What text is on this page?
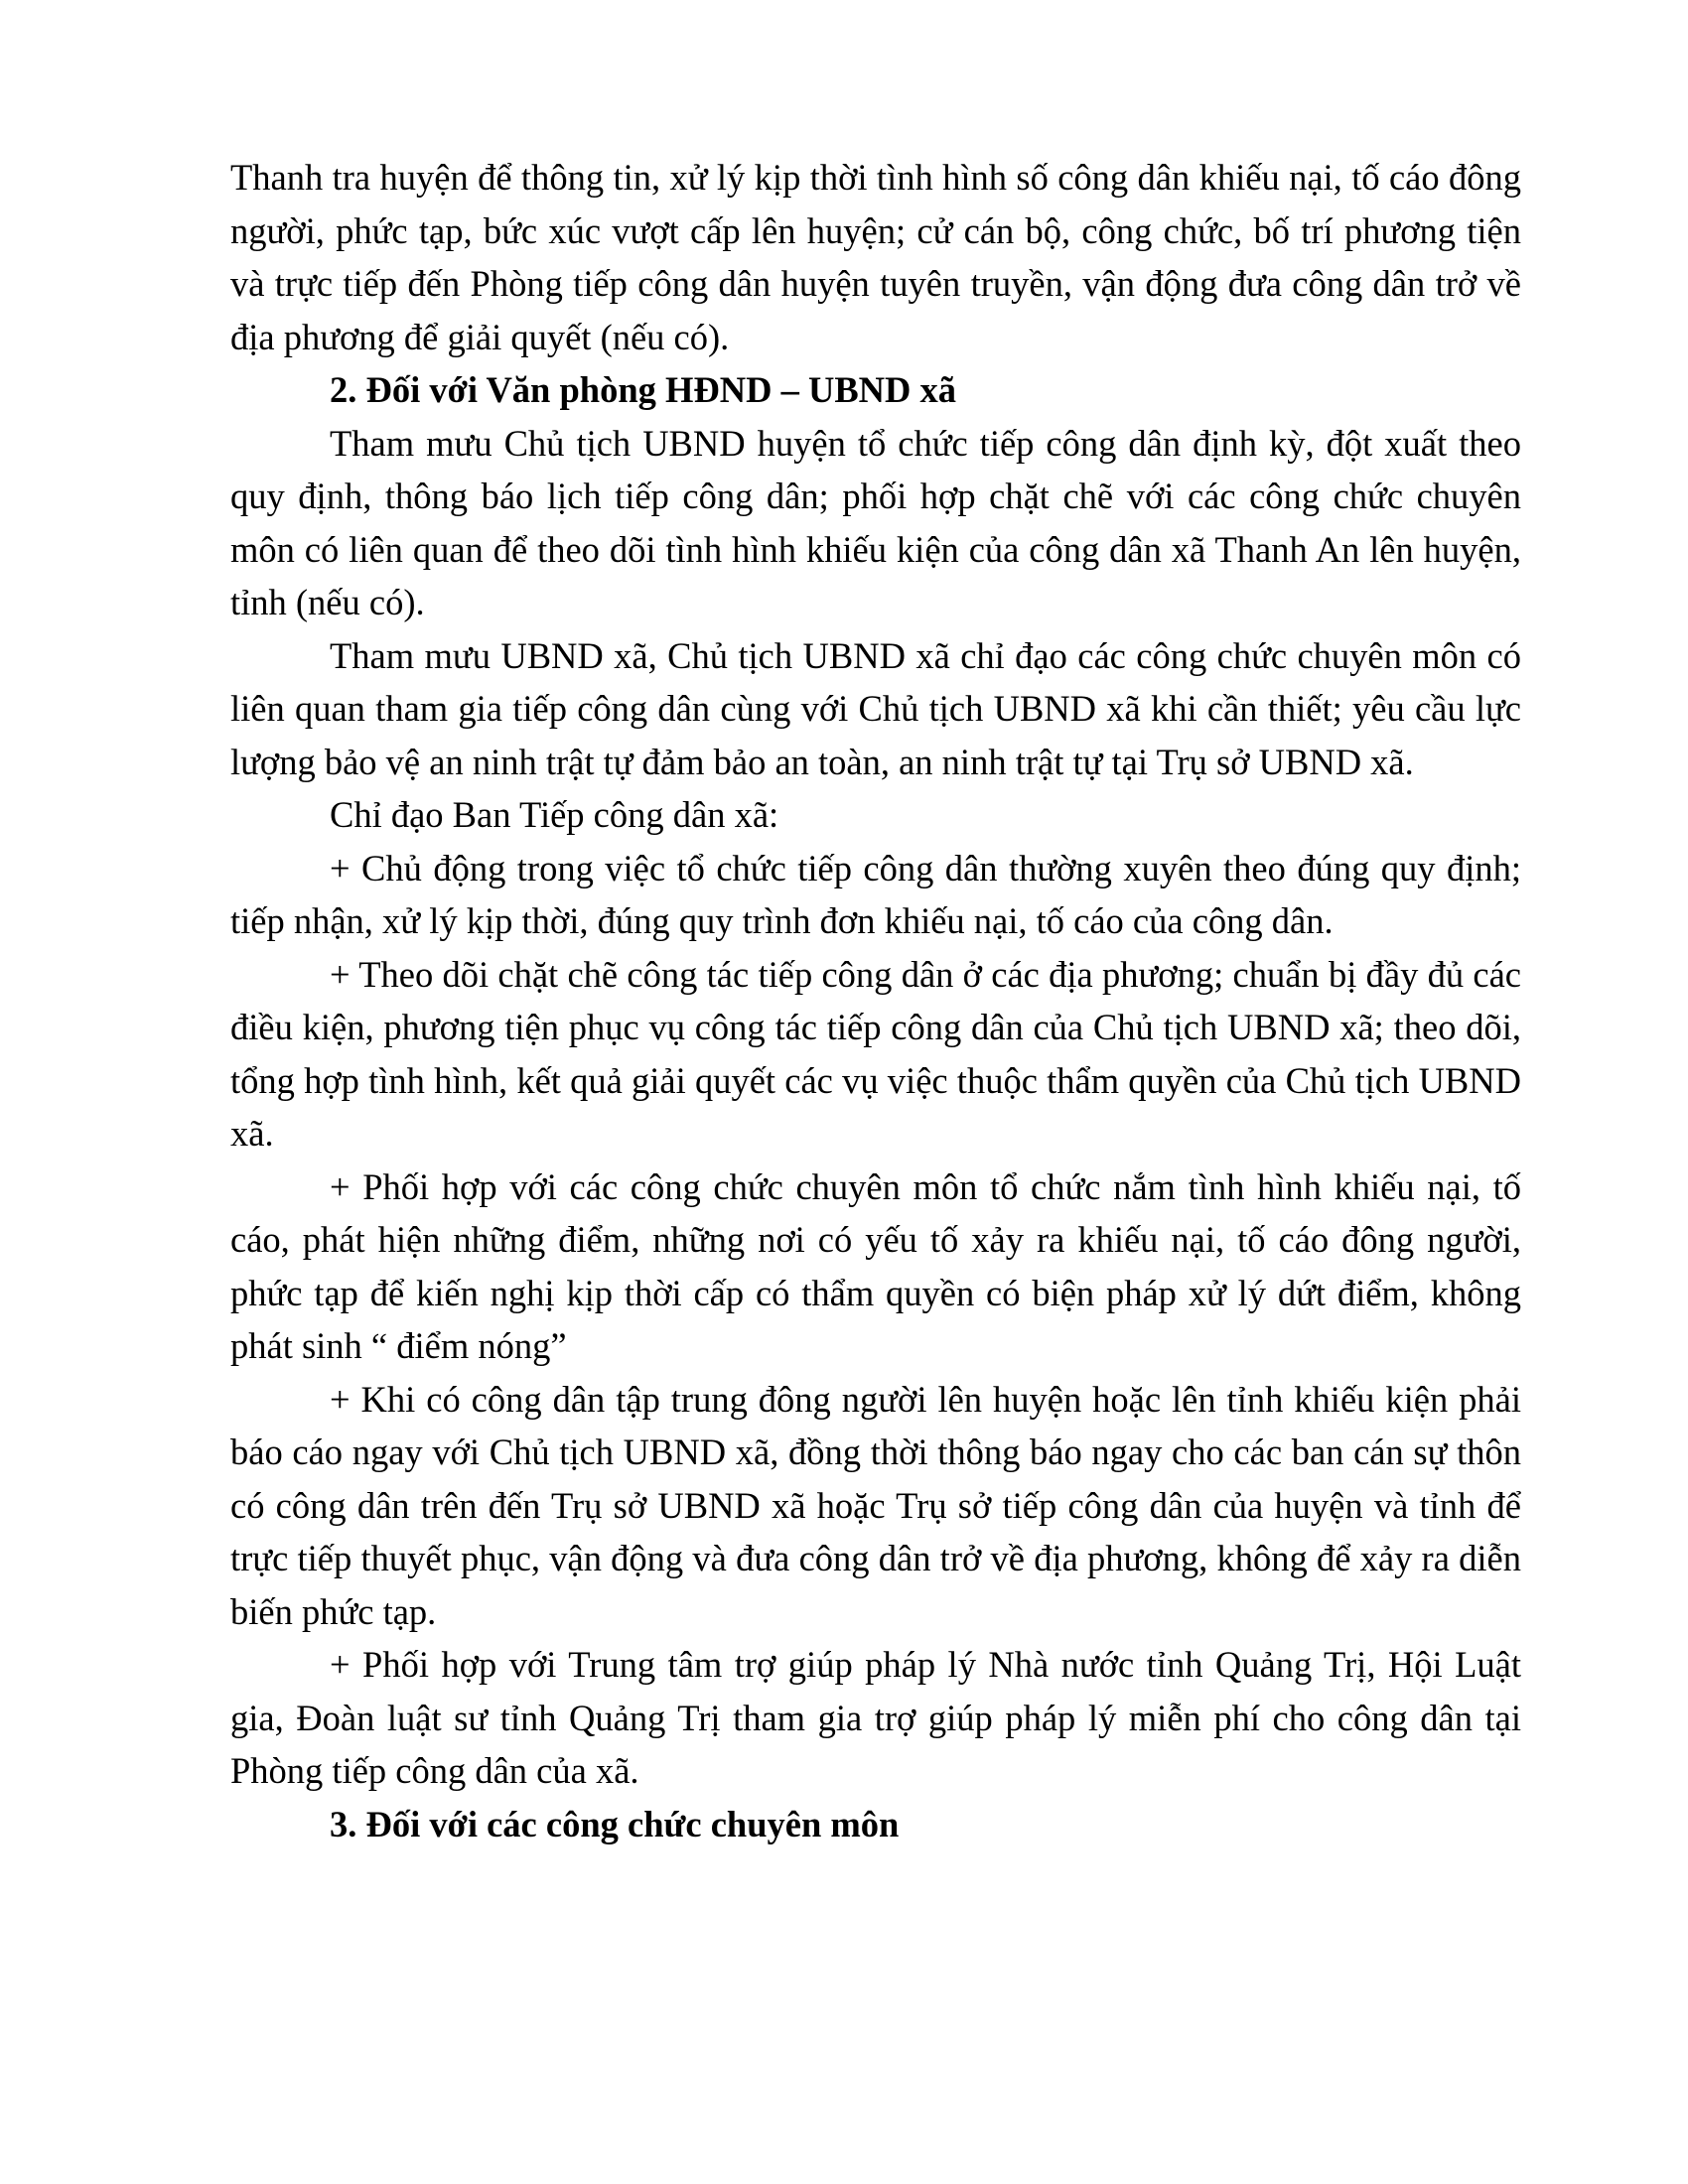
Thanh tra huyện để thông tin, xử lý kịp thời tình hình số công dân khiếu nại, tố cáo đông người, phức tạp, bức xúc vượt cấp lên huyện; cử cán bộ, công chức, bố trí phương tiện và trực tiếp đến Phòng tiếp công dân huyện tuyên truyền, vận động đưa công dân trở về địa phương để giải quyết (nếu có).

2. Đối với Văn phòng HĐND – UBND xã

Tham mưu Chủ tịch UBND huyện tổ chức tiếp công dân định kỳ, đột xuất theo quy định, thông báo lịch tiếp công dân; phối hợp chặt chẽ với các công chức chuyên môn có liên quan để theo dõi tình hình khiếu kiện của công dân xã Thanh An lên huyện, tỉnh (nếu có).

Tham mưu UBND xã, Chủ tịch UBND xã chỉ đạo các công chức chuyên môn có liên quan tham gia tiếp công dân cùng với Chủ tịch UBND xã khi cần thiết; yêu cầu lực lượng bảo vệ an ninh trật tự đảm bảo an toàn, an ninh trật tự tại Trụ sở UBND xã.

Chỉ đạo Ban Tiếp công dân xã:

+ Chủ động trong việc tổ chức tiếp công dân thường xuyên theo đúng quy định; tiếp nhận, xử lý kịp thời, đúng quy trình đơn khiếu nại, tố cáo của công dân.

+ Theo dõi chặt chẽ công tác tiếp công dân ở các địa phương; chuẩn bị đầy đủ các điều kiện, phương tiện phục vụ công tác tiếp công dân của Chủ tịch UBND xã; theo dõi, tổng hợp tình hình, kết quả giải quyết các vụ việc thuộc thẩm quyền của Chủ tịch UBND xã.

+ Phối hợp với các công chức chuyên môn tổ chức nắm tình hình khiếu nại, tố cáo, phát hiện những điểm, những nơi có yếu tố xảy ra khiếu nại, tố cáo đông người, phức tạp để kiến nghị kịp thời cấp có thẩm quyền có biện pháp xử lý dứt điểm, không phát sinh “ điểm nóng”

+ Khi có công dân tập trung đông người lên huyện hoặc lên tỉnh khiếu kiện phải báo cáo ngay với Chủ tịch UBND xã, đồng thời thông báo ngay cho các ban cán sự thôn có công dân trên đến Trụ sở UBND xã hoặc Trụ sở tiếp công dân của huyện và tỉnh để trực tiếp thuyết phục, vận động và đưa công dân trở về địa phương, không để xảy ra diễn biến phức tạp.

+ Phối hợp với Trung tâm trợ giúp pháp lý Nhà nước tỉnh Quảng Trị, Hội Luật gia, Đoàn luật sư tỉnh Quảng Trị tham gia trợ giúp pháp lý miễn phí cho công dân tại Phòng tiếp công dân của xã.

3. Đối với các công chức chuyên môn
